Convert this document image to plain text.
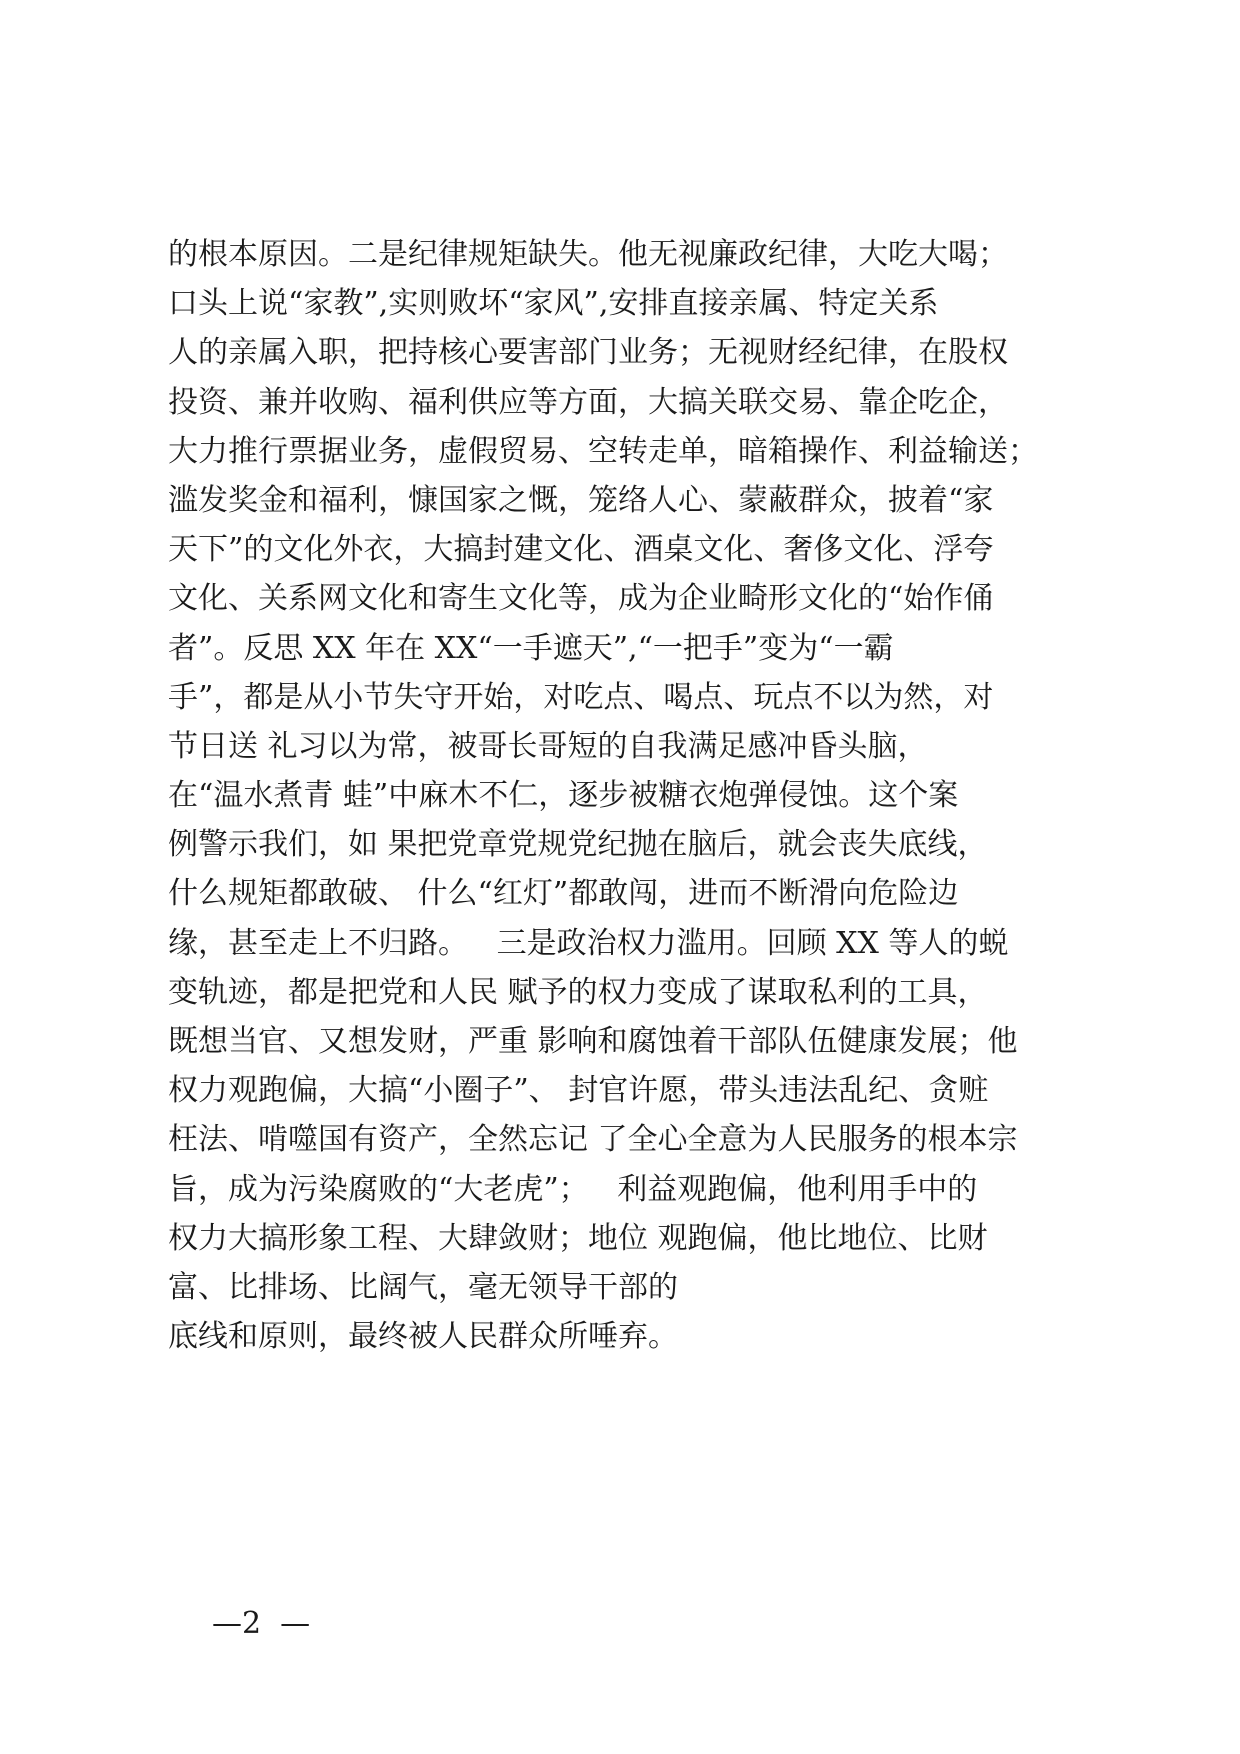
的根本原因。二是纪律规矩缺失。他无视廉政纪律，大吃大喝；
口头上说“家教”,实则败坏“家风”,安排直接亲属、特定关系
人的亲属入职，把持核心要害部门业务；无视财经纪律，在股权
投资、兼并收购、福利供应等方面，大搞关联交易、靠企吃企，
大力推行票据业务，虚假贸易、空转走单，暗箱操作、利益输送；
滥发奖金和福利，慷国家之慨，笼络人心、蒙蔽群众，披着“家
天下”的文化外衣，大搞封建文化、酒桌文化、奢侈文化、浮夸
文化、关系网文化和寄生文化等，成为企业畸形文化的“始作俑
者”。反思 XX 年在 XX“一手遮天”,“一把手”变为“一霸
手”，都是从小节失守开始，对吃点、喝点、玩点不以为然，对
节日送 礼习以为常，被哥长哥短的自我满足感冲昏头脑，
在“温水煮青 蛙”中麻木不仁，逐步被糖衣炮弹侵蚀。这个案
例警示我们，如 果把党章党规党纪抛在脑后，就会丧失底线，
什么规矩都敢破、 什么“红灯”都敢闯，进而不断滑向危险边
缘，甚至走上不归路。   三是政治权力滥用。回顾 XX 等人的蜕
变轨迹，都是把党和人民 赋予的权力变成了谋取私利的工具，
既想当官、又想发财，严重 影响和腐蚀着干部队伍健康发展；他
权力观跑偏，大搞“小圈子”、 封官许愿，带头违法乱纪、贪赃
枉法、啃噬国有资产，全然忘记 了全心全意为人民服务的根本宗
旨，成为污染腐败的“大老虎”；   利益观跑偏，他利用手中的
权力大搞形象工程、大肆敛财；地位 观跑偏，他比地位、比财
富、比排场、比阔气，毫无领导干部的
底线和原则，最终被人民群众所唾弃。
—2  —
